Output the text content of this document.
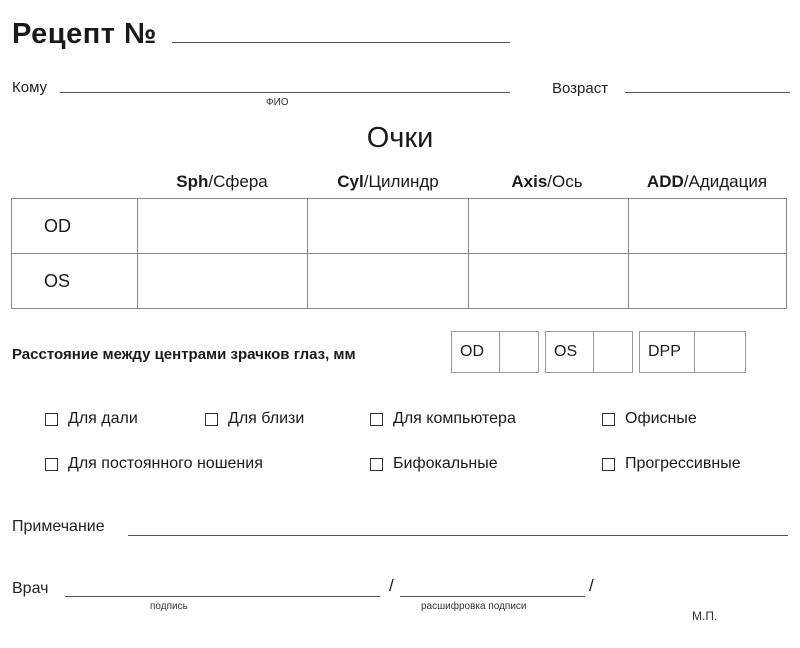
Рецепт №
Кому
ФИО
Возраст
Очки
Sph/Сфера	Cyl/Цилиндр	Axis/Ось	ADD/Адидация
OD				
OS				
Расстояние между центрами зрачков глаз, мм	OD	OS	DPP
Для дали	Для близи	Для компьютера	Офисные
Для постоянного ношения	Бифокальные	Прогрессивные
Примечание
Врач	/	/
подпись	расшифровка подписи
М.П.
